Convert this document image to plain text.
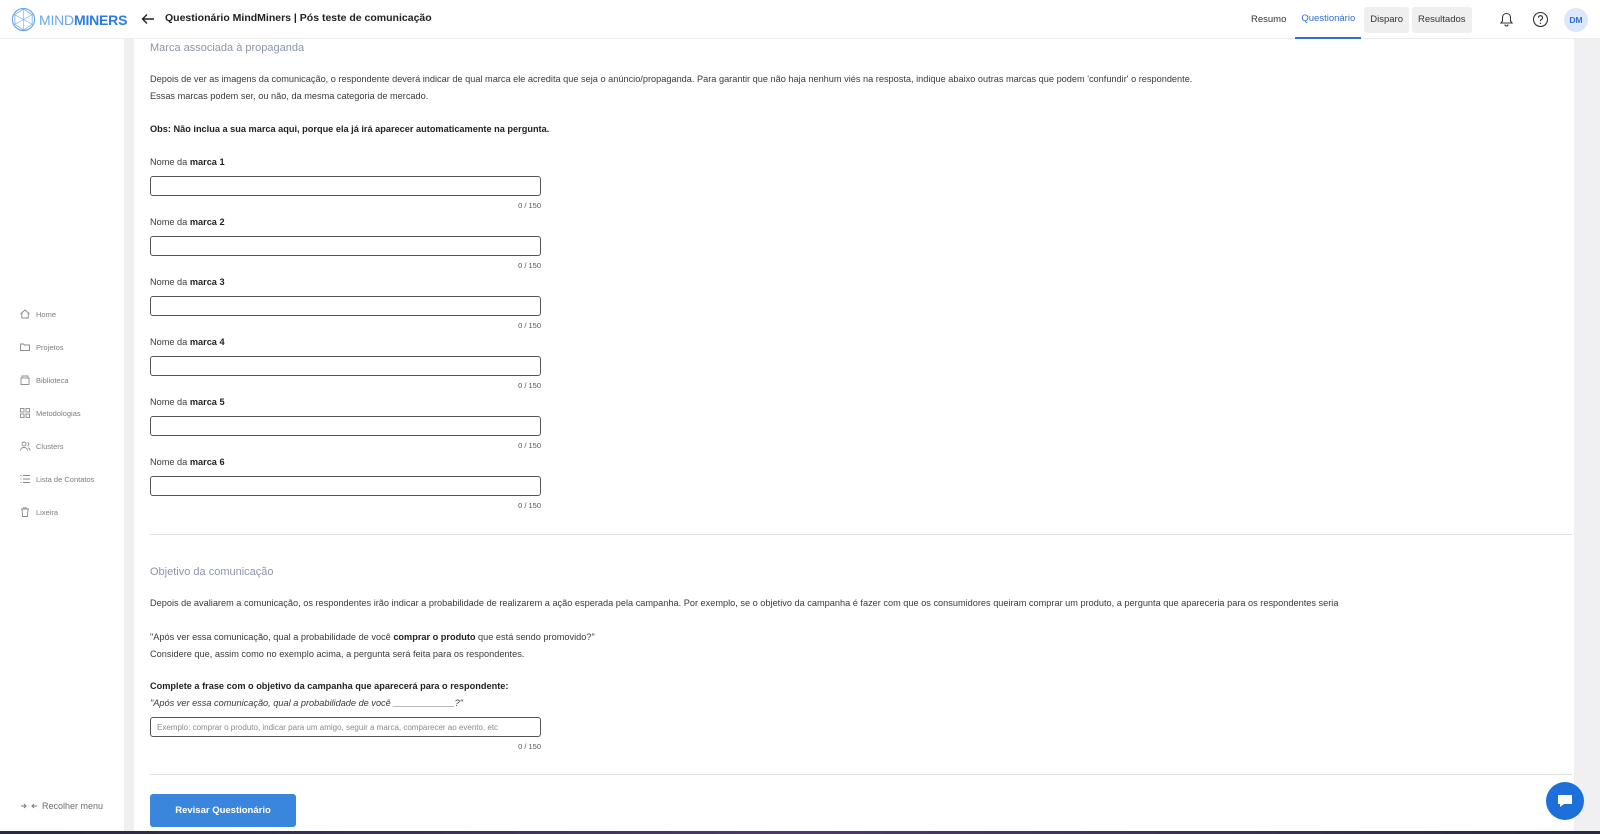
MINDMINERS	Questionário MindMiners | Pós teste de comunicação	Resumo	Questionário	Disparo	Resultados	DM
Home
Projetos
Biblioteca
Metodologias
Clusters
Lista de Contatos
Lixeira
Recolher menu
Marca associada à propaganda
Depois de ver as imagens da comunicação, o respondente deverá indicar de qual marca ele acredita que seja o anúncio/propaganda. Para garantir que não haja nenhum viés na resposta, indique abaixo outras marcas que podem 'confundir' o respondente.
Essas marcas podem ser, ou não, da mesma categoria de mercado.
Obs: Não inclua a sua marca aqui, porque ela já irá aparecer automaticamente na pergunta.
Nome da marca 1
0 / 150
Nome da marca 2
0 / 150
Nome da marca 3
0 / 150
Nome da marca 4
0 / 150
Nome da marca 5
0 / 150
Nome da marca 6
0 / 150
Objetivo da comunicação
Depois de avaliarem a comunicação, os respondentes irão indicar a probabilidade de realizarem a ação esperada pela campanha. Por exemplo, se o objetivo da campanha é fazer com que os consumidores queiram comprar um produto, a pergunta que apareceria para os respondentes seria
"Após ver essa comunicação, qual a probabilidade de você comprar o produto que está sendo promovido?"
Considere que, assim como no exemplo acima, a pergunta será feita para os respondentes.
Complete a frase com o objetivo da campanha que aparecerá para o respondente:
"Após ver essa comunicação, qual a probabilidade de você ____________?"
Exemplo: comprar o produto, indicar para um amigo, seguir a marca, comparecer ao evento, etc
0 / 150
Revisar Questionário
